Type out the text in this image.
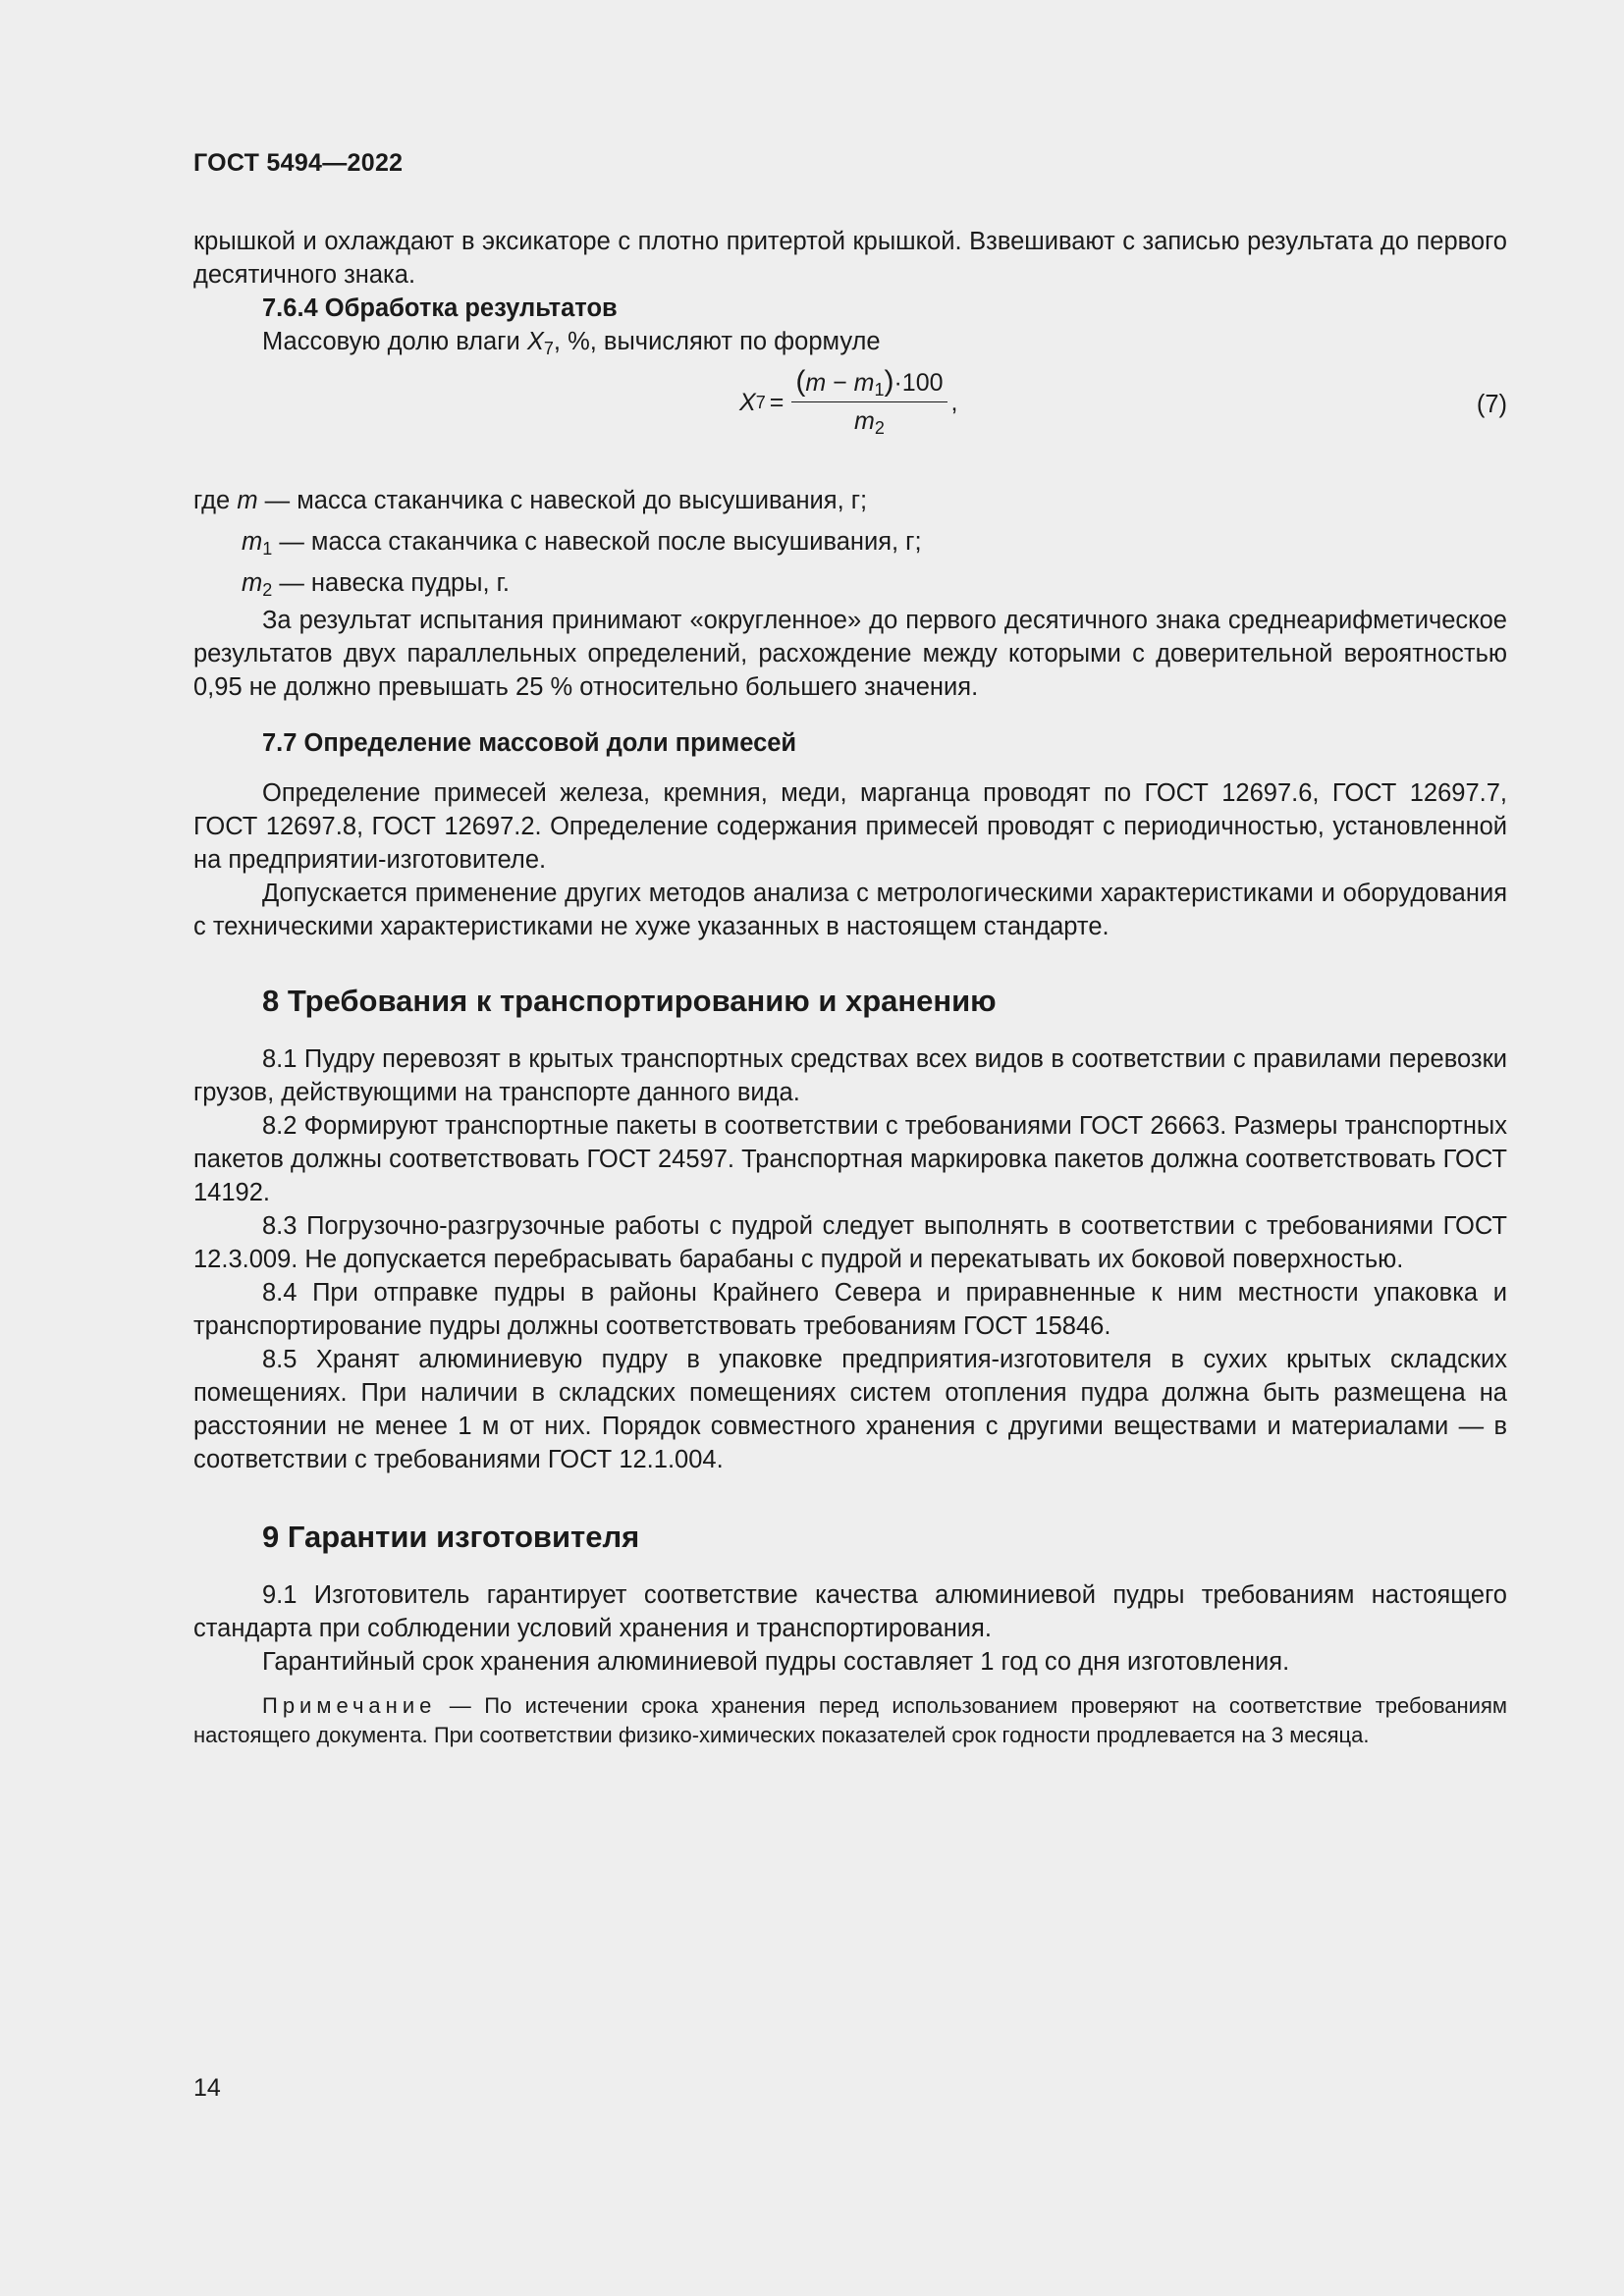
ГОСТ 5494—2022

крышкой и охлаждают в эксикаторе с плотно притертой крышкой. Взвешивают с записью результата до первого десятичного знака.

7.6.4 Обработка результатов

Массовую долю влаги $X_7$, %, вычисляют по формуле

X $7 = \frac{(m - m_1)\cdot 100}{m_2}$ ,	(7)
где m — масса стаканчика с навеской до высушивания, г;
$m_1$ — масса стаканчика с навеской после высушивания, г;
$m_2$ — навеска пудры, г.

За результат испытания принимают «округленное» до первого десятичного знака среднеарифметическое результатов двух параллельных определений, расхождение между которыми с доверительной вероятностью 0,95 не должно превышать 25 % относительно большего значения.

7.7 Определение массовой доли примесей

Определение примесей железа, кремния, меди, марганца проводят по ГОСТ 12697.6, ГОСТ 12697.7, ГОСТ 12697.8, ГОСТ 12697.2. Определение содержания примесей проводят с периодичностью, установленной на предприятии-изготовителе.

Допускается применение других методов анализа с метрологическими характеристиками и оборудования с техническими характеристиками не хуже указанных в настоящем стандарте.

8 Требования к транспортированию и хранению

8.1 Пудру перевозят в крытых транспортных средствах всех видов в соответствии с правилами перевозки грузов, действующими на транспорте данного вида.

8.2 Формируют транспортные пакеты в соответствии с требованиями ГОСТ 26663. Размеры транспортных пакетов должны соответствовать ГОСТ 24597. Транспортная маркировка пакетов должна соответствовать ГОСТ 14192.

8.3 Погрузочно-разгрузочные работы с пудрой следует выполнять в соответствии с требованиями ГОСТ 12.3.009. Не допускается перебрасывать барабаны с пудрой и перекатывать их боковой поверхностью.

8.4 При отправке пудры в районы Крайнего Севера и приравненные к ним местности упаковка и транспортирование пудры должны соответствовать требованиям ГОСТ 15846.

8.5 Хранят алюминиевую пудру в упаковке предприятия-изготовителя в сухих крытых складских помещениях. При наличии в складских помещениях систем отопления пудра должна быть размещена на расстоянии не менее 1 м от них. Порядок совместного хранения с другими веществами и материалами — в соответствии с требованиями ГОСТ 12.1.004.

9 Гарантии изготовителя

9.1 Изготовитель гарантирует соответствие качества алюминиевой пудры требованиям настоящего стандарта при соблюдении условий хранения и транспортирования.

Гарантийный срок хранения алюминиевой пудры составляет 1 год со дня изготовления.

Примечание — По истечении срока хранения перед использованием проверяют на соответствие требованиям настоящего документа. При соответствии физико-химических показателей срок годности продлевается на 3 месяца.

14
